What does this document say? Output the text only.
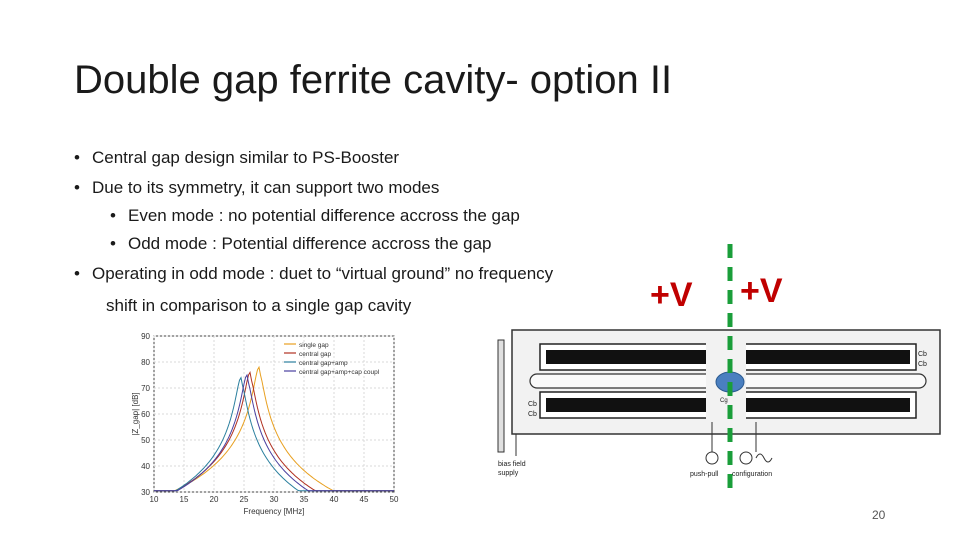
Double gap ferrite cavity- option II
• Central gap design similar to PS-Booster
• Due to its symmetry, it can support two modes
• Even mode : no potential difference accross the gap
• Odd mode : Potential difference accross the gap
• Operating in odd mode : duet to “virtual ground” no frequency
shift in comparison to a single gap cavity	+V +V
10	15	20	25	30	35	40	45	50
30
40
50
60
70
80
90
single gap
central gap
central gap+amp
central gap+amp+cap coupl
Frequency [MHz]
|Z_gap| [dB]	Cb
Cb
Cb
Cb
Cg
bias field
supply	push-pull configuration
20
